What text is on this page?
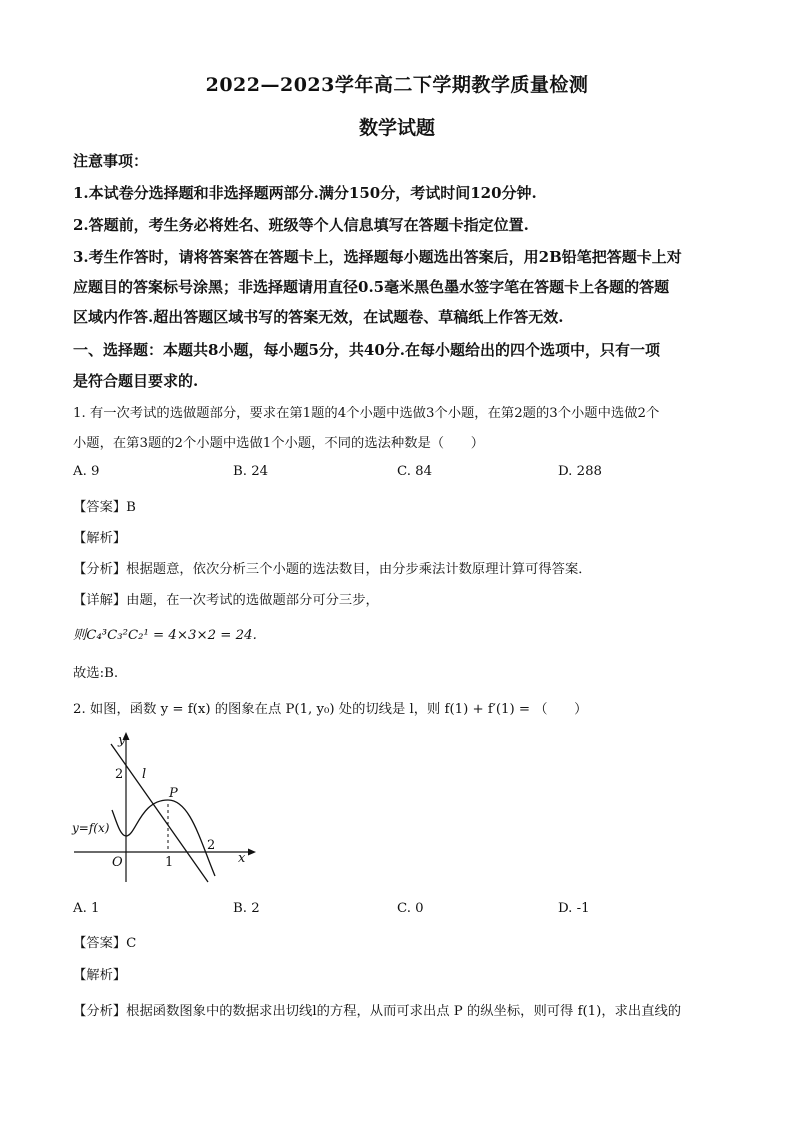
2022—2023学年高二下学期教学质量检测
数学试题
注意事项：
1.本试卷分选择题和非选择题两部分.满分150分，考试时间120分钟.
2.答题前，考生务必将姓名、班级等个人信息填写在答题卡指定位置.
3.考生作答时，请将答案答在答题卡上，选择题每小题选出答案后，用2B铅笔把答题卡上对
应题目的答案标号涂黑；非选择题请用直径0.5毫米黑色墨水签字笔在答题卡上各题的答题
区域内作答.超出答题区域书写的答案无效，在试题卷、草稿纸上作答无效.
一、选择题：本题共8小题，每小题5分，共40分.在每小题给出的四个选项中，只有一项
是符合题目要求的.
1. 有一次考试的选做题部分，要求在第1题的4个小题中选做3个小题，在第2题的3个小题中选做2个
小题，在第3题的2个小题中选做1个小题，不同的选法种数是（　　）
A. 9	B. 24	C. 84	D. 288
【答案】B
【解析】
【分析】根据题意，依次分析三个小题的选法数目，由分步乘法计数原理计算可得答案．
【详解】由题，在一次考试的选做题部分可分三步，
则C₄³C₃²C₂¹ = 4×3×2 = 24.
故选:B.
2. 如图，函数 y = f(x) 的图象在点 P(1, y₀) 处的切线是 l，则 f(1) + f′(1) = （　　）
y
x
O
2
1
2
l
P
y=f(x)
A. 1	B. 2	C. 0	D. -1
【答案】C
【解析】
【分析】根据函数图象中的数据求出切线l的方程，从而可求出点 P 的纵坐标，则可得 f(1)，求出直线的
